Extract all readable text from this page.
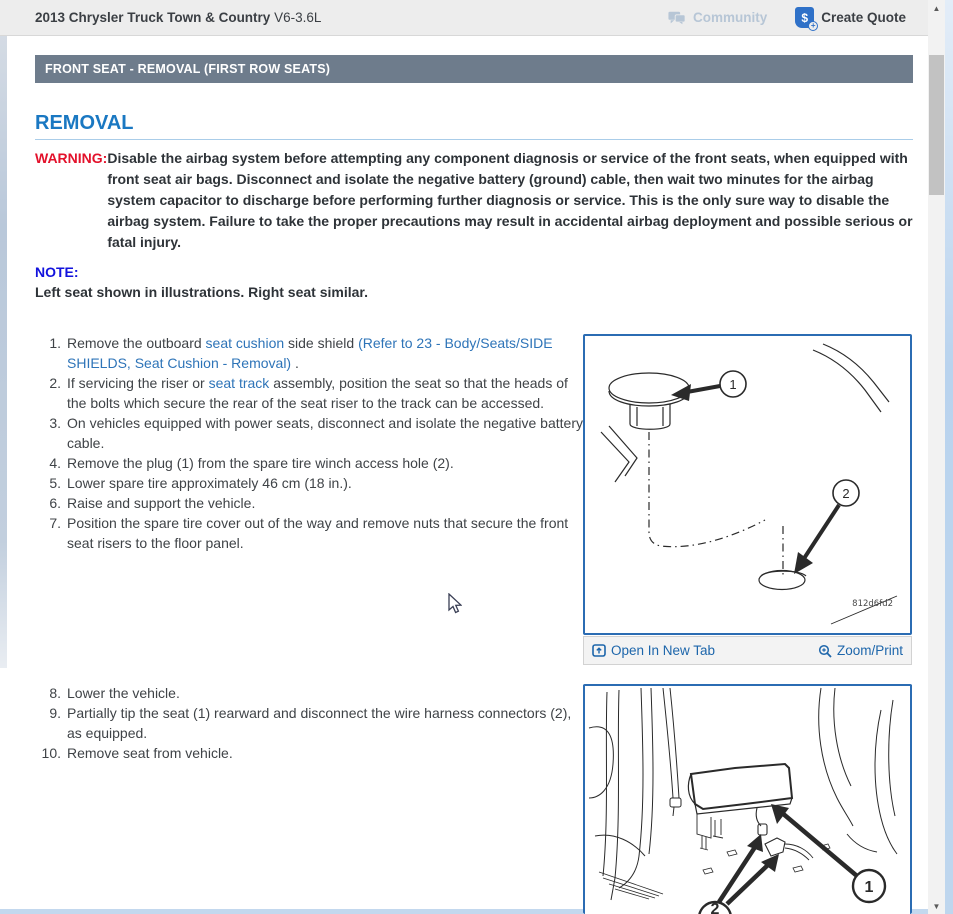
2013 Chrysler Truck Town & Country V6-3.6L	Community	$
+
Create Quote
▲
▼
FRONT SEAT - REMOVAL (FIRST ROW SEATS)
REMOVAL
WARNING: Disable the airbag system before attempting any component diagnosis or service of the front seats, when equipped with front seat air bags. Disconnect and isolate the negative battery (ground) cable, then wait two minutes for the airbag system capacitor to discharge before performing further diagnosis or service. This is the only sure way to disable the airbag system. Failure to take the proper precautions may result in accidental airbag deployment and possible serious or fatal injury.
NOTE:
Left seat shown in illustrations. Right seat similar.
1. Remove the outboard seat cushion side shield (Refer to 23 - Body/Seats/SIDE SHIELDS, Seat Cushion - Removal) .
2. If servicing the riser or seat track assembly, position the seat so that the heads of the bolts which secure the rear of the seat riser to the track can be accessed.
3. On vehicles equipped with power seats, disconnect and isolate the negative battery cable.
4. Remove the plug (1) from the spare tire winch access hole (2).
5. Lower spare tire approximately 46 cm (18 in.).
6. Raise and support the vehicle.
7. Position the spare tire cover out of the way and remove nuts that secure the front seat risers to the floor panel.
1
2
812d6fd2
Open In New Tab	Zoom/Print
8. Lower the vehicle.
9. Partially tip the seat (1) rearward and disconnect the wire harness connectors (2), as equipped.
10. Remove seat from vehicle.
1
2
